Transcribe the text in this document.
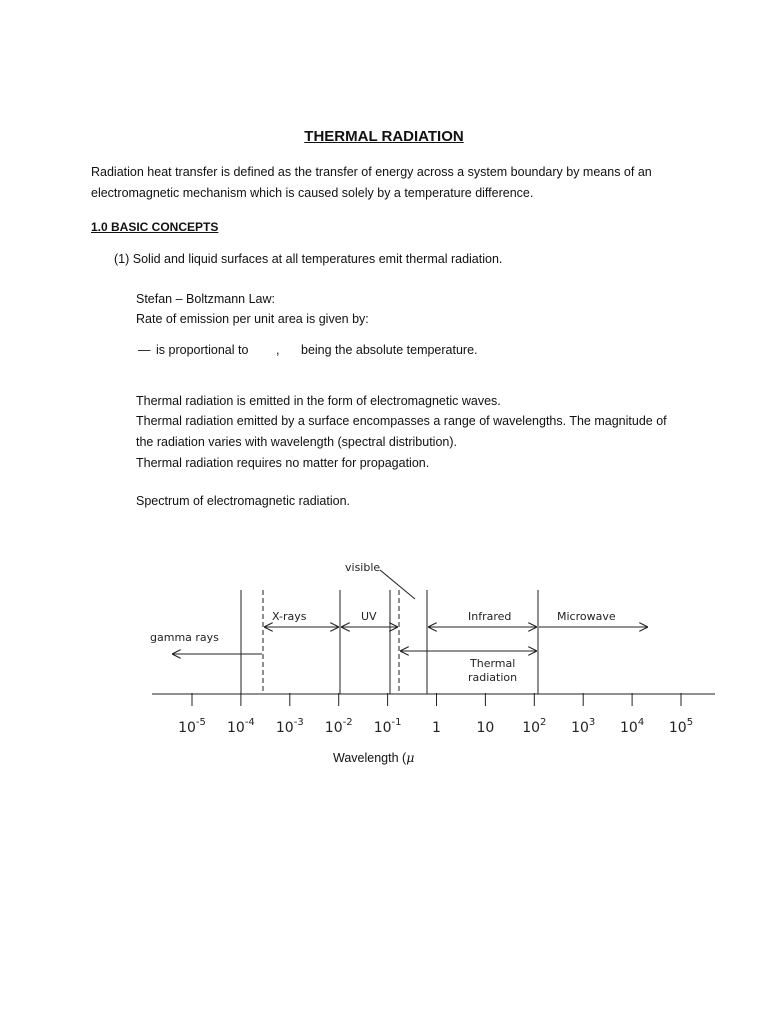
THERMAL RADIATION
Radiation heat transfer is defined as the transfer of energy across a system boundary by means of an
electromagnetic mechanism which is caused solely by a temperature difference.
1.0 BASIC CONCEPTS
(1) Solid and liquid surfaces at all temperatures emit thermal radiation.
Stefan – Boltzmann Law:
Rate of emission per unit area is given by:
— is proportional to , being the absolute temperature.
Thermal radiation is emitted in the form of electromagnetic waves.
Thermal radiation emitted by a surface encompasses a range of wavelengths. The magnitude of
the radiation varies with wavelength (spectral distribution).
Thermal radiation requires no matter for propagation.
Spectrum of electromagnetic radiation.
$10^{-5}$ $10^{-4}$ $10^{-3}$ $10^{-2}$ $10^{-1}$ 1	10 $10^2$ $10^3$ $10^4$ $10^5$
visible
X-rays	UV	Infrared	Microwave
gamma rays
Thermal
radiation
Wavelength (μ
